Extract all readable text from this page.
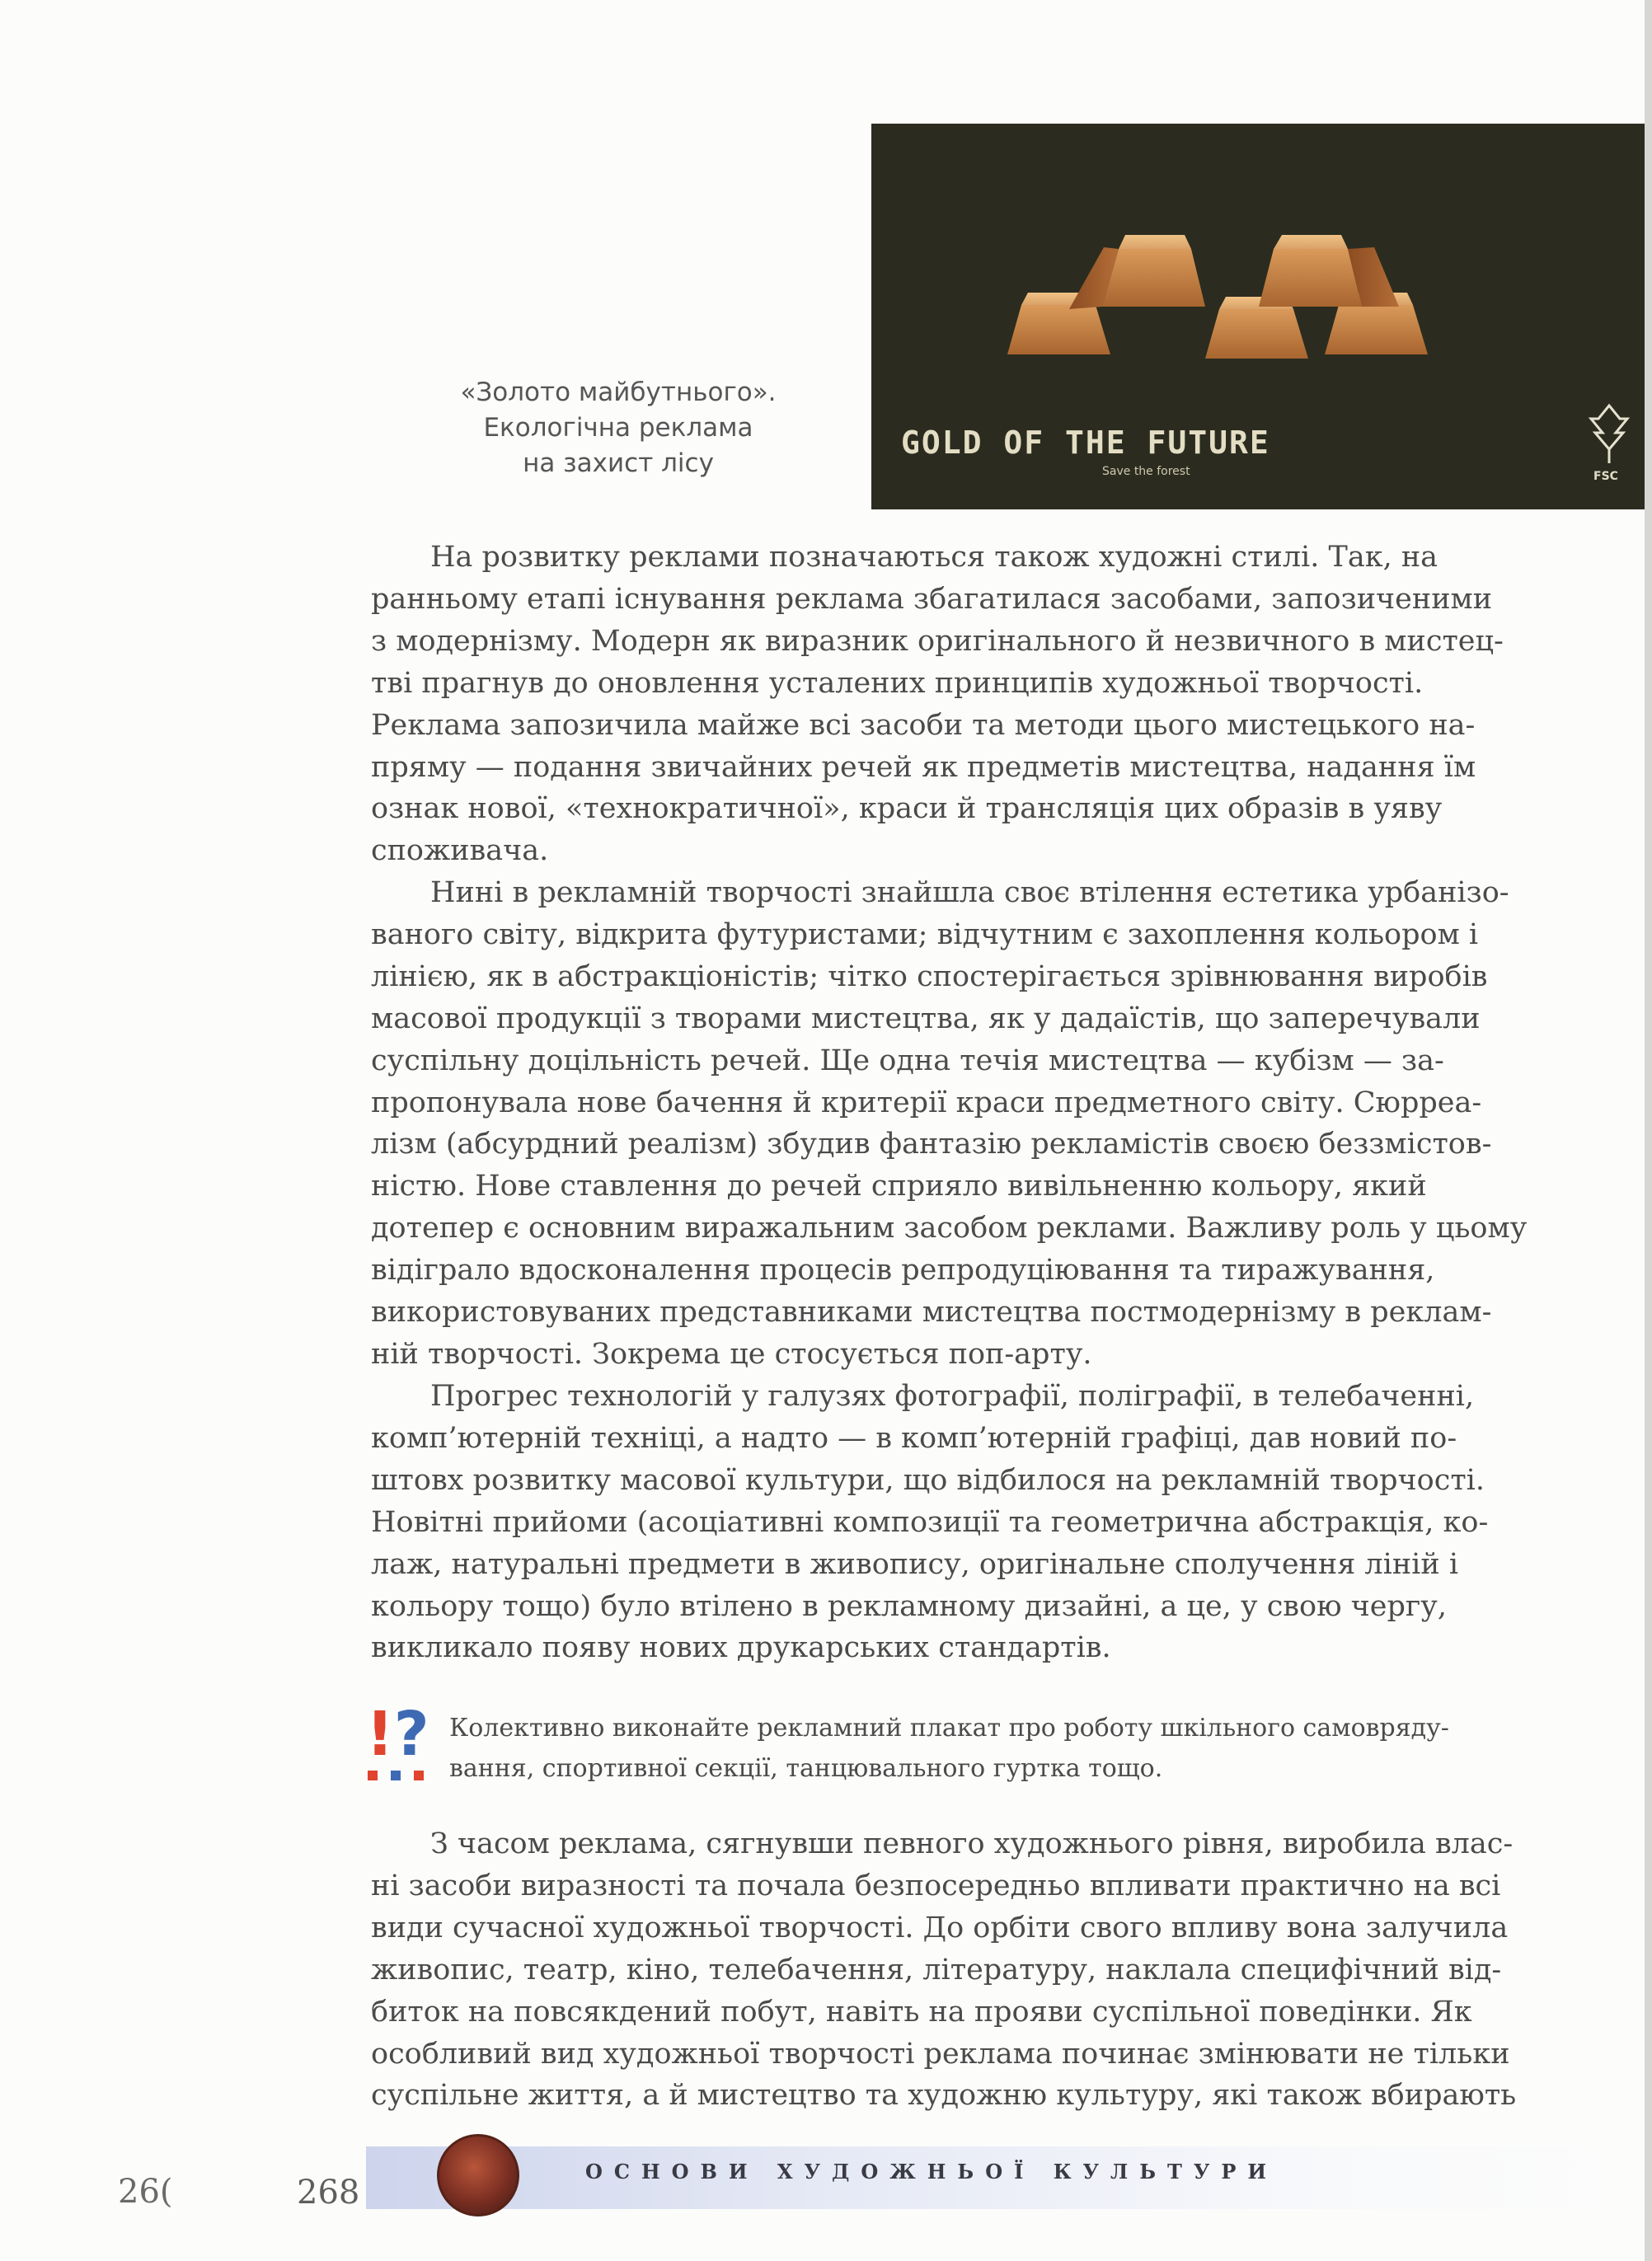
«Золото майбутнього».
Екологічна реклама
на захист лісу
GOLD OF THE FUTURE
Save the forest	FSC
На розвитку реклами позначаються також художні стилі. Так, на
ранньому етапі існування реклама збагатилася засобами, запозиченими
з модернізму. Модерн як виразник оригінального й незвичного в мистец-
тві прагнув до оновлення усталених принципів художньої творчості.
Реклама запозичила майже всі засоби та методи цього мистецького на-
пряму — подання звичайних речей як предметів мистецтва, надання їм
ознак нової, «технократичної», краси й трансляція цих образів в уяву
споживача.
Нині в рекламній творчості знайшла своє втілення естетика урбанізо-
ваного світу, відкрита футуристами; відчутним є захоплення кольором і
лінією, як в абстракціоністів; чітко спостерігається зрівнювання виробів
масової продукції з творами мистецтва, як у дадаїстів, що заперечували
суспільну доцільність речей. Ще одна течія мистецтва — кубізм — за-
пропонувала нове бачення й критерії краси предметного світу. Сюрреа-
лізм (абсурдний реалізм) збудив фантазію рекламістів своєю беззмістов-
ністю. Нове ставлення до речей сприяло вивільненню кольору, який
дотепер є основним виражальним засобом реклами. Важливу роль у цьому
відіграло вдосконалення процесів репродуціювання та тиражування,
використовуваних представниками мистецтва постмодернізму в реклам-
ній творчості. Зокрема це стосується поп-арту.
Прогрес технологій у галузях фотографії, поліграфії, в телебаченні,
комп’ютерній техніці, а надто — в комп’ютерній графіці, дав новий по-
штовх розвитку масової культури, що відбилося на рекламній творчості.
Новітні прийоми (асоціативні композиції та геометрична абстракція, ко-
лаж, натуральні предмети в живопису, оригінальне сполучення ліній і
кольору тощо) було втілено в рекламному дизайні, а це, у свою чергу,
викликало появу нових друкарських стандартів.
!? Колективно виконайте рекламний плакат про роботу шкільного самовряду-
вання, спортивної секції, танцювального гуртка тощо.
З часом реклама, сягнувши певного художнього рівня, виробила влас-
ні засоби виразності та почала безпосередньо впливати практично на всі
види сучасної художньої творчості. До орбіти свого впливу вона залучила
живопис, театр, кіно, телебачення, літературу, наклала специфічний від-
биток на повсякдений побут, навіть на прояви суспільної поведінки. Як
особливий вид художньої творчості реклама починає змінювати не тільки
суспільне життя, а й мистецтво та художню культуру, які також вбирають
26(	268
ОСНОВИ ХУДОЖНЬОЇ КУЛЬТУРИ
